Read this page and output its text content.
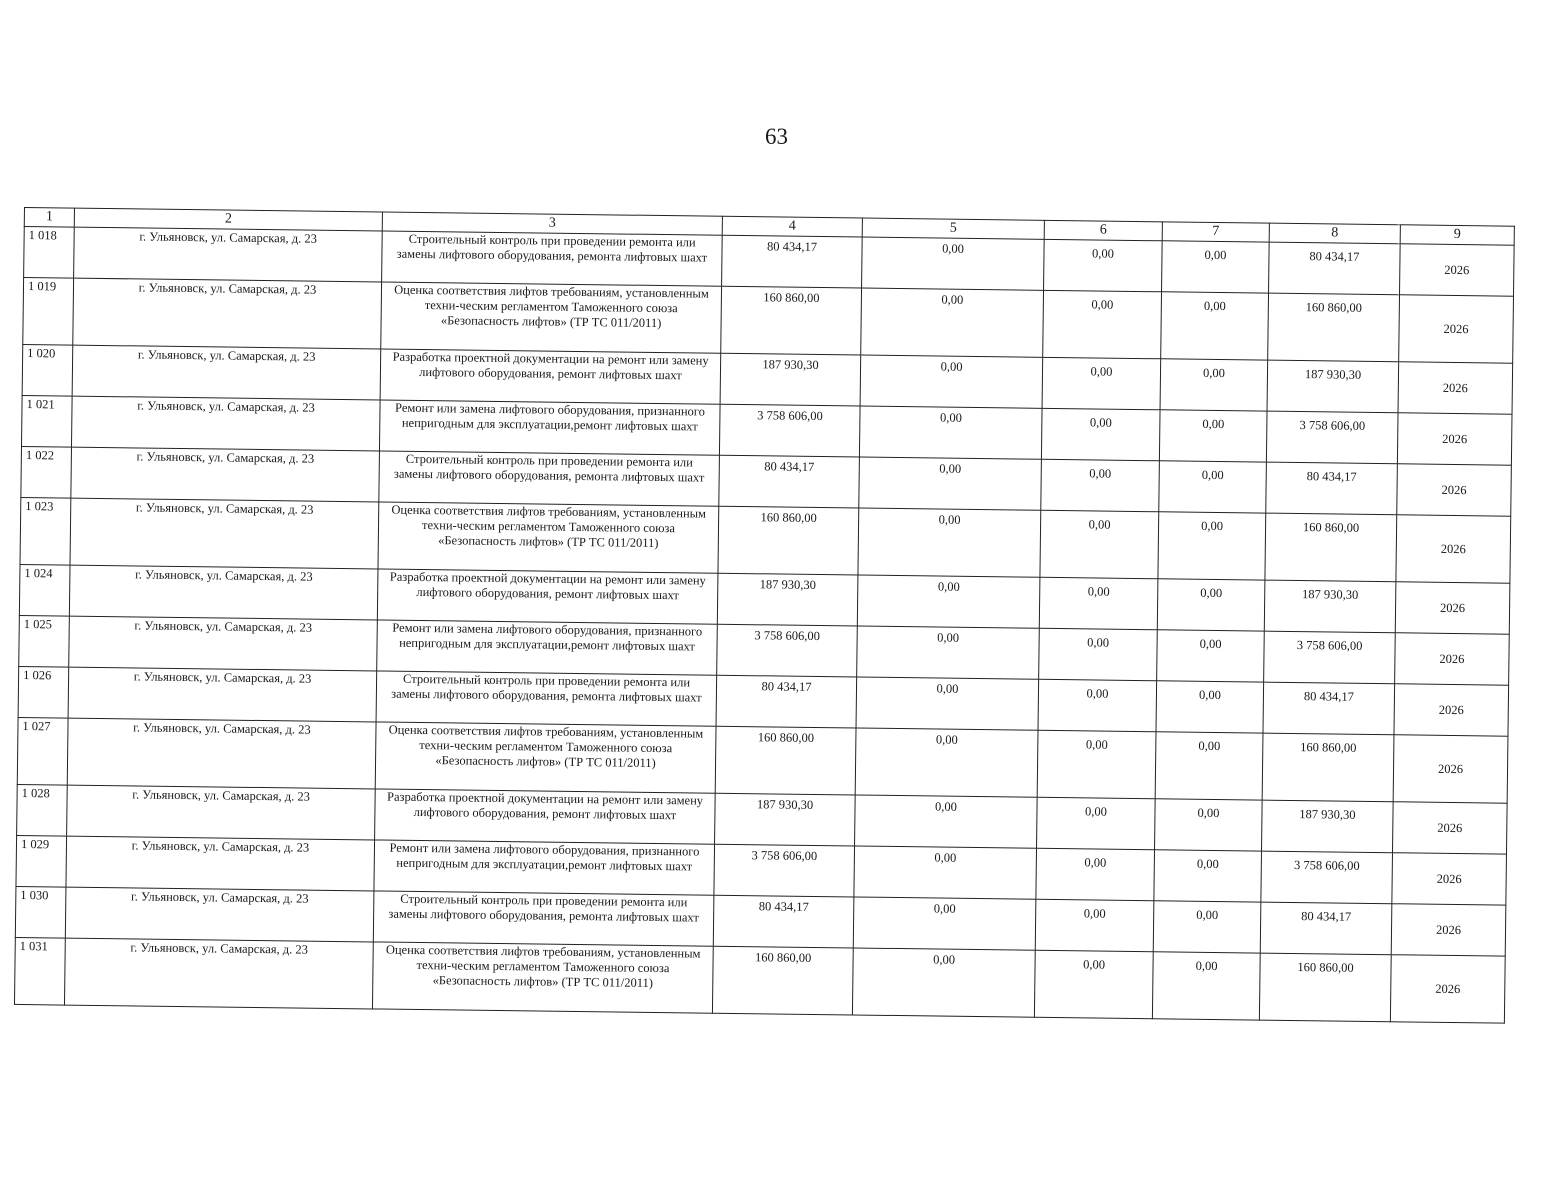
63
1	2	3	4	5	6	7	8	9
1 018	г. Ульяновск, ул. Самарская, д. 23	Строительный контроль при проведении ремонта или замены лифтового оборудования, ремонта лифтовых шахт	80 434,17	0,00	0,00	0,00	80 434,17	2026
1 019	г. Ульяновск, ул. Самарская, д. 23	Оценка соответствия лифтов требованиям, установленным техни-ческим регламентом Таможенного союза «Безопасность лифтов» (ТР ТС 011/2011)	160 860,00	0,00	0,00	0,00	160 860,00	2026
1 020	г. Ульяновск, ул. Самарская, д. 23	Разработка проектной документации на ремонт или замену лифтового оборудования, ремонт лифтовых шахт	187 930,30	0,00	0,00	0,00	187 930,30	2026
1 021	г. Ульяновск, ул. Самарская, д. 23	Ремонт или замена лифтового оборудования, признанного непригодным для эксплуатации,ремонт лифтовых шахт	3 758 606,00	0,00	0,00	0,00	3 758 606,00	2026
1 022	г. Ульяновск, ул. Самарская, д. 23	Строительный контроль при проведении ремонта или замены лифтового оборудования, ремонта лифтовых шахт	80 434,17	0,00	0,00	0,00	80 434,17	2026
1 023	г. Ульяновск, ул. Самарская, д. 23	Оценка соответствия лифтов требованиям, установленным техни-ческим регламентом Таможенного союза «Безопасность лифтов» (ТР ТС 011/2011)	160 860,00	0,00	0,00	0,00	160 860,00	2026
1 024	г. Ульяновск, ул. Самарская, д. 23	Разработка проектной документации на ремонт или замену лифтового оборудования, ремонт лифтовых шахт	187 930,30	0,00	0,00	0,00	187 930,30	2026
1 025	г. Ульяновск, ул. Самарская, д. 23	Ремонт или замена лифтового оборудования, признанного непригодным для эксплуатации,ремонт лифтовых шахт	3 758 606,00	0,00	0,00	0,00	3 758 606,00	2026
1 026	г. Ульяновск, ул. Самарская, д. 23	Строительный контроль при проведении ремонта или замены лифтового оборудования, ремонта лифтовых шахт	80 434,17	0,00	0,00	0,00	80 434,17	2026
1 027	г. Ульяновск, ул. Самарская, д. 23	Оценка соответствия лифтов требованиям, установленным техни-ческим регламентом Таможенного союза «Безопасность лифтов» (ТР ТС 011/2011)	160 860,00	0,00	0,00	0,00	160 860,00	2026
1 028	г. Ульяновск, ул. Самарская, д. 23	Разработка проектной документации на ремонт или замену лифтового оборудования, ремонт лифтовых шахт	187 930,30	0,00	0,00	0,00	187 930,30	2026
1 029	г. Ульяновск, ул. Самарская, д. 23	Ремонт или замена лифтового оборудования, признанного непригодным для эксплуатации,ремонт лифтовых шахт	3 758 606,00	0,00	0,00	0,00	3 758 606,00	2026
1 030	г. Ульяновск, ул. Самарская, д. 23	Строительный контроль при проведении ремонта или замены лифтового оборудования, ремонта лифтовых шахт	80 434,17	0,00	0,00	0,00	80 434,17	2026
1 031	г. Ульяновск, ул. Самарская, д. 23	Оценка соответствия лифтов требованиям, установленным техни-ческим регламентом Таможенного союза «Безопасность лифтов» (ТР ТС 011/2011)	160 860,00	0,00	0,00	0,00	160 860,00	2026
